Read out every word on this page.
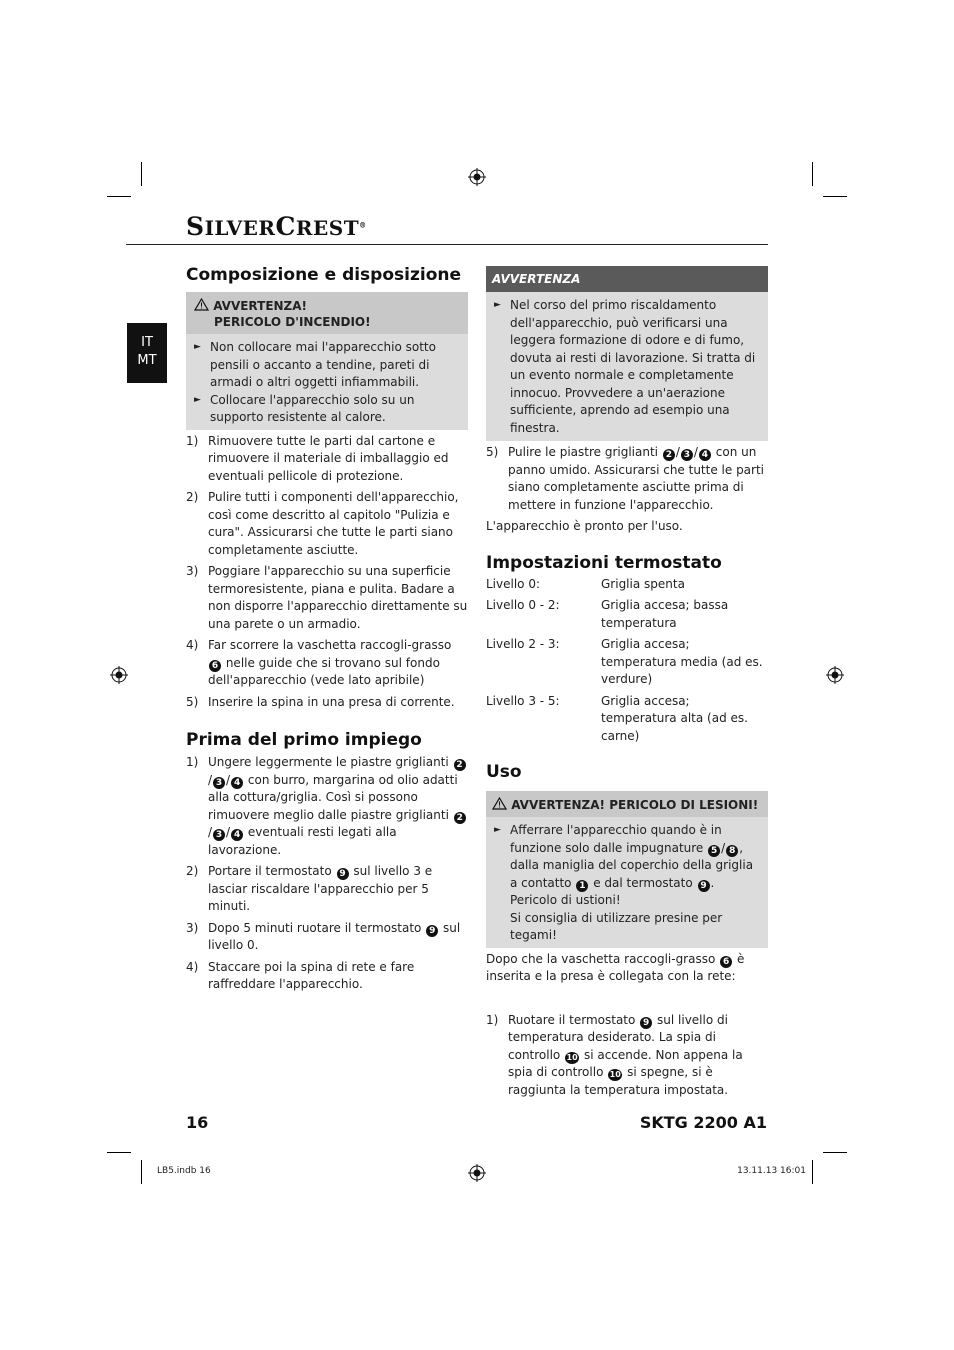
SILVERCREST®
IT
MT
Composizione e disposizione
AVVERTENZA!
PERICOLO D'INCENDIO!
► Non collocare mai l'apparecchio sotto pensili o accanto a tendine, pareti di armadi o altri oggetti infiammabili.
► Collocare l'apparecchio solo su un supporto resistente al calore.
1) Rimuovere tutte le parti dal cartone e rimuovere il materiale di imballaggio ed eventuali pellicole di protezione.
2) Pulire tutti i componenti dell'apparecchio, così come descritto al capitolo "Pulizia e cura". Assicurarsi che tutte le parti siano completamente asciutte.
3) Poggiare l'apparecchio su una superficie termoresistente, piana e pulita. Badare a non disporre l'apparecchio direttamente su una parete o un armadio.
4) Far scorrere la vaschetta raccogli-grasso 6 nelle guide che si trovano sul fondo dell'apparecchio (vede lato apribile)
5) Inserire la spina in una presa di corrente.
Prima del primo impiego
1) Ungere leggermente le piastre griglianti 2/ 3 / 4 con burro, margarina od olio adatti alla cottura/griglia. Così si possono rimuovere meglio dalle piastre griglianti 2/ 3 / 4 eventuali resti legati alla lavorazione.
2) Portare il termostato 9 sul livello 3 e lasciar riscaldare l'apparecchio per 5 minuti.
3) Dopo 5 minuti ruotare il termostato 9 sul livello 0.
4) Staccare poi la spina di rete e fare raffreddare l'apparecchio.
AVVERTENZA
► Nel corso del primo riscaldamento dell'apparecchio, può verificarsi una leggera formazione di odore e di fumo, dovuta ai resti di lavorazione. Si tratta di un evento normale e completamente innocuo. Provvedere a un'aerazione sufficiente, aprendo ad esempio una finestra.
5) Pulire le piastre griglianti 2 / 3 / 4 con un panno umido. Assicurarsi che tutte le parti siano completamente asciutte prima di mettere in funzione l'apparecchio.
L'apparecchio è pronto per l'uso.
Impostazioni termostato
Livello 0:	Griglia spenta
Livello 0 - 2:	Griglia accesa; bassa temperatura
Livello 2 - 3:	Griglia accesa; temperatura media (ad es. verdure)
Livello 3 - 5:	Griglia accesa; temperatura alta (ad es. carne)
Uso
AVVERTENZA! PERICOLO DI LESIONI!
► Afferrare l'apparecchio quando è in funzione solo dalle impugnature 5 / 8 , dalla maniglia del coperchio della griglia a contatto 1 e dal termostato 9 . Pericolo di ustioni!
Si consiglia di utilizzare presine per tegami!
Dopo che la vaschetta raccogli-grasso 6 è inserita e la presa è collegata con la rete:
1) Ruotare il termostato 9 sul livello di temperatura desiderato. La spia di controllo 10 si accende. Non appena la spia di controllo 10 si spegne, si è raggiunta la temperatura impostata.
16	SKTG 2200 A1
LB5.indb 16	13.11.13 16:01
